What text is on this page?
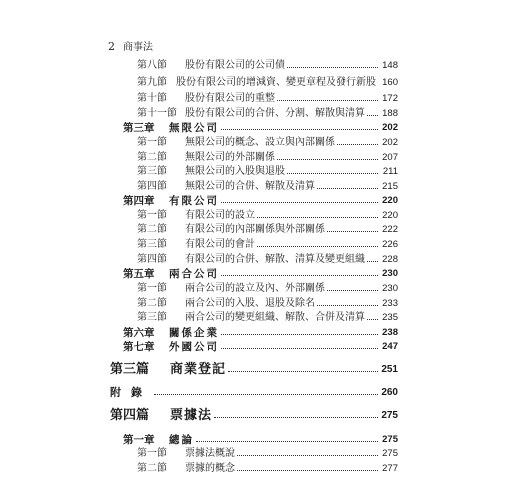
2 商事法
第八節	股份有限公司的公司債	148
第九節 股份有限公司的增減資、變更章程及發行新股 160
第十節	股份有限公司的重整	172
第十一節 股份有限公司的合併、分割、解散與清算 188
第三章	無限公司	202
第一節	無限公司的概念、設立與內部關係	202
第二節	無限公司的外部關係	207
第三節	無限公司的入股與退股	211
第四節	無限公司的合併、解散及清算	215
第四章	有限公司	220
第一節	有限公司的設立	220
第二節	有限公司的內部關係與外部關係	222
第三節	有限公司的會計	226
第四節	有限公司的合併、解散、清算及變更組織 228
第五章	兩合公司	230
第一節	兩合公司的設立及內、外部關係	230
第二節	兩合公司的入股、退股及除名	233
第三節	兩合公司的變更組織、解散、合併及清算 235
第六章	關係企業	238
第七章	外國公司	247
第三篇	商業登記	251
附錄	260
第四篇	票據法	275
第一章	總論	275
第一節	票據法概說	275
第二節	票據的概念	277
